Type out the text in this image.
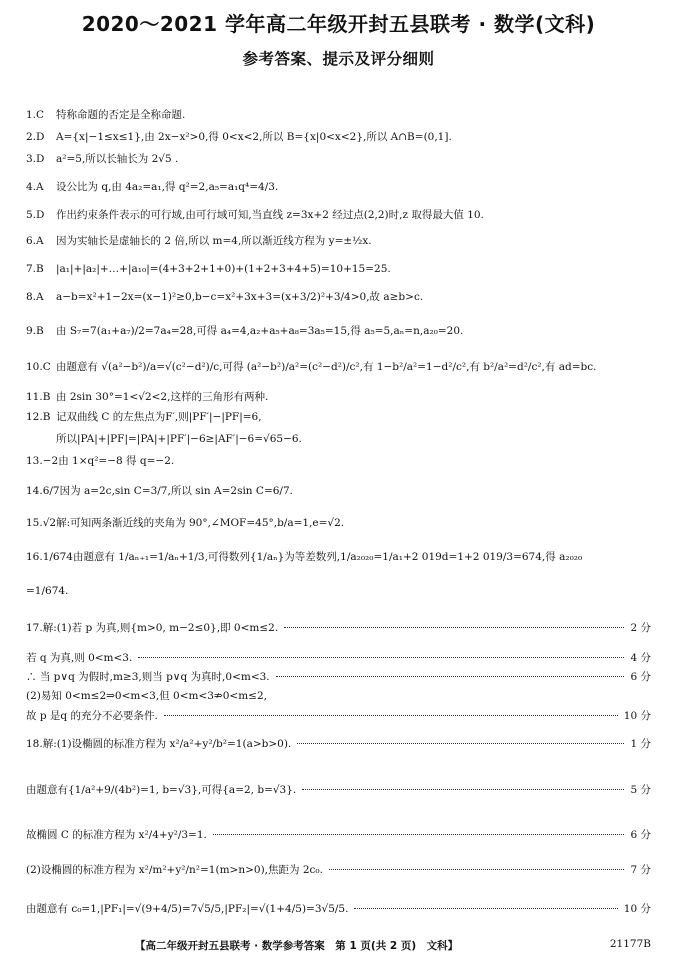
2020～2021 学年高二年级开封五县联考 · 数学(文科)
参考答案、提示及评分细则
1.C 特称命题的否定是全称命题.
2.D A={x|−1≤x≤1},由 2x−x²>0,得 0<x<2,所以 B={x|0<x<2},所以 A∩B=(0,1].
3.D a²=5,所以长轴长为 2√5 .
4.A 设公比为 q,由 4a₂=a₁,得 q²=2,a₅=a₁q⁴=4/3.
5.D 作出约束条件表示的可行域,由可行域可知,当直线 z=3x+2 经过点(2,2)时,z 取得最大值 10.
6.A 因为实轴长是虚轴长的 2 倍,所以 m=4,所以渐近线方程为 y=±½x.
7.B |a₁|+|a₂|+…+|a₁₀|=(4+3+2+1+0)+(1+2+3+4+5)=10+15=25.
8.A a−b=x²+1−2x=(x−1)²≥0,b−c=x²+3x+3=(x+3/2)²+3/4>0,故 a≥b>c.
9.B 由 S₇=7(a₁+a₇)/2=7a₄=28,可得 a₄=4,a₂+a₅+a₈=3a₅=15,得 a₅=5,aₙ=n,a₂₀=20.
10.C 由题意有 √(a²−b²)/a=√(c²−d²)/c,可得 (a²−b²)/a²=(c²−d²)/c²,有 1−b²/a²=1−d²/c²,有 b²/a²=d²/c²,有 ad=bc.
11.B 由 2sin 30°=1<√2<2,这样的三角形有两种.
12.B 记双曲线 C 的左焦点为F′,则|PF′|−|PF|=6,
所以|PA|+|PF|=|PA|+|PF′|−6≥|AF′|−6=√65−6.
13.−2由 1×q²=−8 得 q=−2.
14.6/7因为 a=2c,sin C=3/7,所以 sin A=2sin C=6/7.
15.√2解:可知两条渐近线的夹角为 90°,∠MOF=45°,b/a=1,e=√2.
16.1/674由题意有 1/aₙ₊₁=1/aₙ+1/3,可得数列{1/aₙ}为等差数列,1/a₂₀₂₀=1/a₁+2 019d=1+2 019/3=674,得 a₂₀₂₀
=1/674.
17.解:(1)若 p 为真,则{m>0, m−2≤0},即 0<m≤2.	2 分
若 q 为真,则 0<m<3.	4 分
∴ 当 p∨q 为假时,m≥3,则当 p∨q 为真时,0<m<3.	6 分
(2)易知 0<m≤2⇒0<m<3,但 0<m<3⇏0<m≤2,
故 p 是q 的充分不必要条件.	10 分
18.解:(1)设椭圆的标准方程为 x²/a²+y²/b²=1(a>b>0).	1 分
由题意有{1/a²+9/(4b²)=1, b=√3},可得{a=2, b=√3}.	5 分
故椭圆 C 的标准方程为 x²/4+y²/3=1.	6 分
(2)设椭圆的标准方程为 x²/m²+y²/n²=1(m>n>0),焦距为 2c₀.	7 分
由题意有 c₀=1,|PF₁|=√(9+4/5)=7√5/5,|PF₂|=√(1+4/5)=3√5/5.	10 分
【高二年级开封五县联考 · 数学参考答案　第 1 页(共 2 页)　文科】	21177B
